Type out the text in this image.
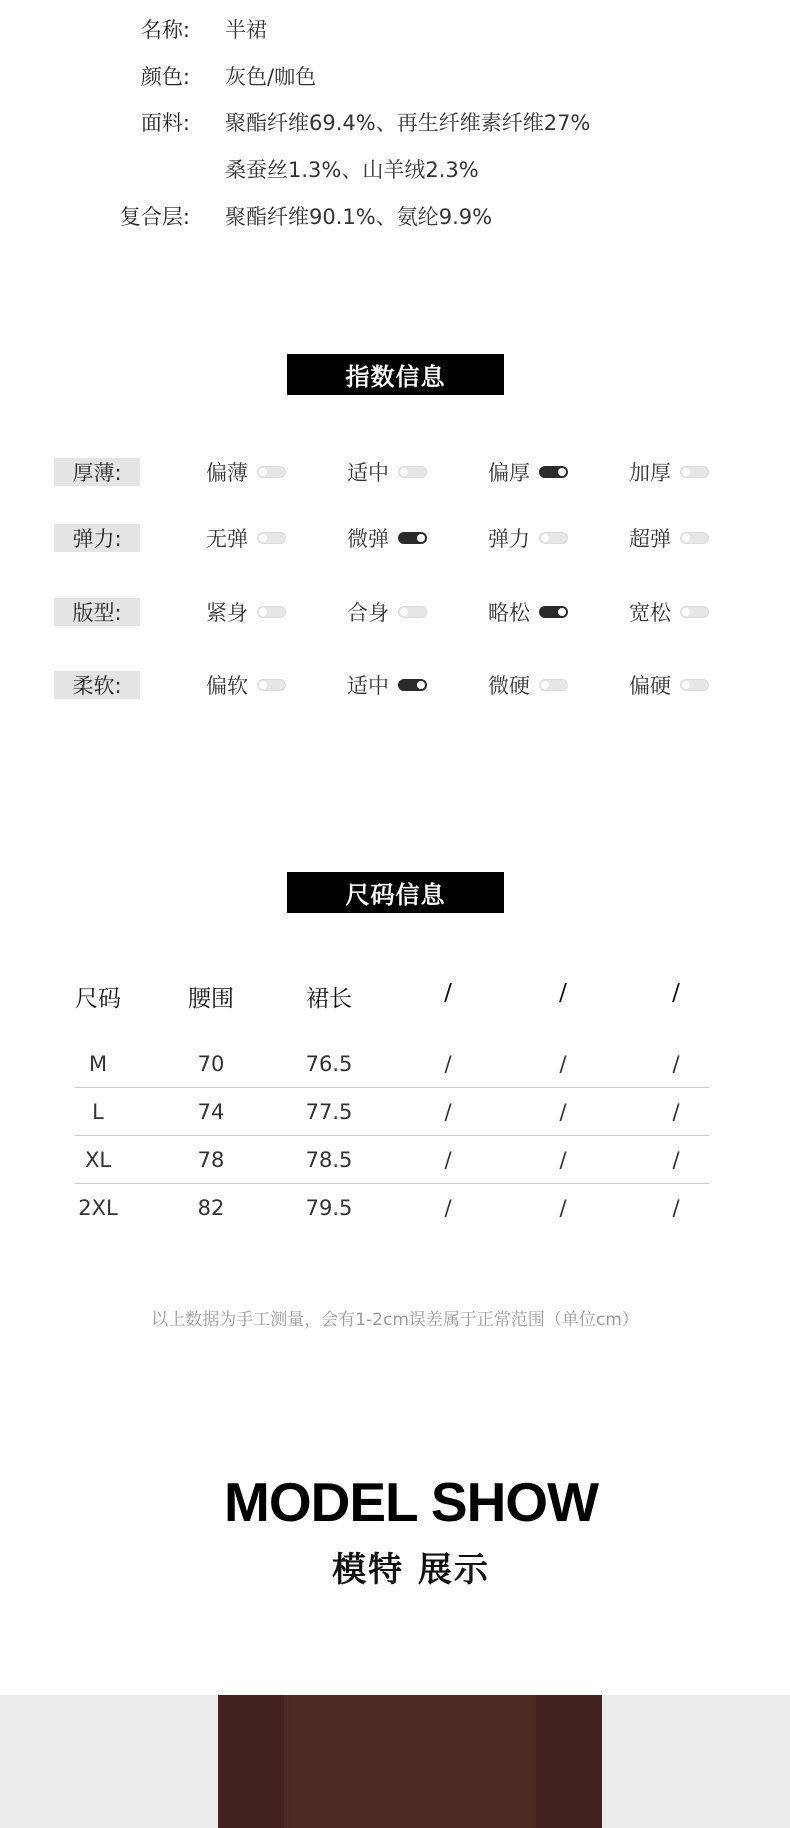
名称: 半裙
颜色: 灰色/咖色
面料: 聚酯纤维69.4%、再生纤维素纤维27%
桑蚕丝1.3%、山羊绒2.3%
复合层: 聚酯纤维90.1%、氨纶9.9%
指数信息
厚薄:	偏薄	适中	偏厚	加厚
弹力:	无弹	微弹	弹力	超弹
版型:	紧身	合身	略松	宽松
柔软:	偏软	适中	微硬	偏硬
尺码信息
尺码	腰围	裙长	/	/	/
M	70	76.5	/	/	/
L	74	77.5	/	/	/
XL	78	78.5	/	/	/
2XL	82	79.5	/	/	/
以上数据为手工测量，会有1-2cm误差属于正常范围（单位cm）
MODEL SHOW
模特 展示
